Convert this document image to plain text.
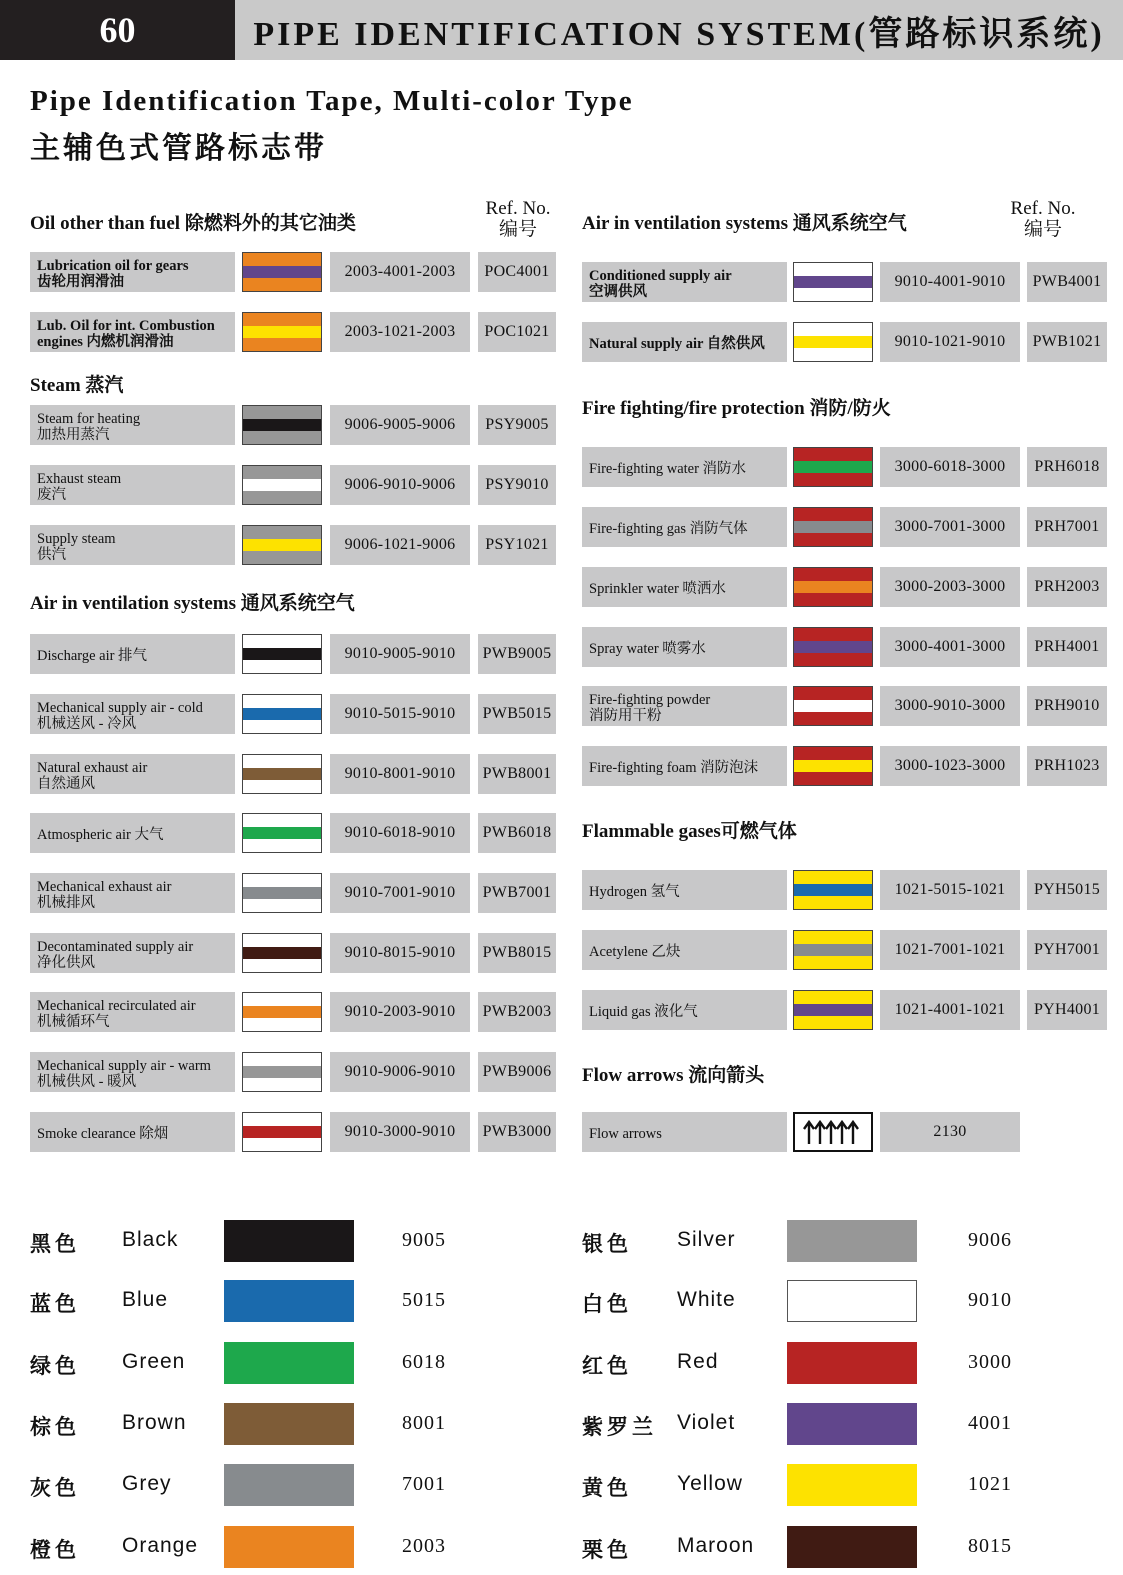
60	PIPE IDENTIFICATION SYSTEM(管路标识系统)
Pipe Identification Tape, Multi-color Type
主辅色式管路标志带
Ref. No.
编号
Ref. No.
编号
Oil other than fuel 除燃料外的其它油类
Lubrication oil for gears
齿轮用润滑油
2003-4001-2003	POC4001
Lub. Oil for int. Combustion
engines 内燃机润滑油
2003-1021-2003	POC1021
Steam 蒸汽
Steam for heating
加热用蒸汽
9006-9005-9006	PSY9005
Exhaust steam
废汽
9006-9010-9006	PSY9010
Supply steam
供汽
9006-1021-9006	PSY1021
Air in ventilation systems 通风系统空气
Discharge air 排气	9010-9005-9010	PWB9005
Mechanical supply air - cold
机械送风 - 冷风
9010-5015-9010	PWB5015
Natural exhaust air
自然通风
9010-8001-9010	PWB8001
Atmospheric air 大气	9010-6018-9010	PWB6018
Mechanical exhaust air
机械排风
9010-7001-9010	PWB7001
Decontaminated supply air
净化供风
9010-8015-9010	PWB8015
Mechanical recirculated air
机械循环气
9010-2003-9010	PWB2003
Mechanical supply air - warm
机械供风 - 暖风
9010-9006-9010	PWB9006
Smoke clearance 除烟	9010-3000-9010	PWB3000
Air in ventilation systems 通风系统空气
Conditioned supply air
空调供风
9010-4001-9010	PWB4001
Natural supply air 自然供风	9010-1021-9010	PWB1021
Fire fighting/fire protection 消防/防火
Fire-fighting water 消防水	3000-6018-3000	PRH6018
Fire-fighting gas 消防气体	3000-7001-3000	PRH7001
Sprinkler water 喷洒水	3000-2003-3000	PRH2003
Spray water 喷雾水	3000-4001-3000	PRH4001
Fire-fighting powder
消防用干粉
3000-9010-3000	PRH9010
Fire-fighting foam 消防泡沫	3000-1023-3000	PRH1023
Flammable gases可燃气体
Hydrogen 氢气	1021-5015-1021	PYH5015
Acetylene 乙炔	1021-7001-1021	PYH7001
Liquid gas 液化气	1021-4001-1021	PYH4001
Flow arrows 流向箭头
Flow arrows	2130
黑色 Black	9005
蓝色 Blue	5015
绿色 Green	6018
棕色 Brown	8001
灰色 Grey	7001
橙色 Orange	2003
银色 Silver	9006
白色 White	9010
红色 Red	3000
紫罗兰 Violet	4001
黄色 Yellow	1021
栗色 Maroon	8015
